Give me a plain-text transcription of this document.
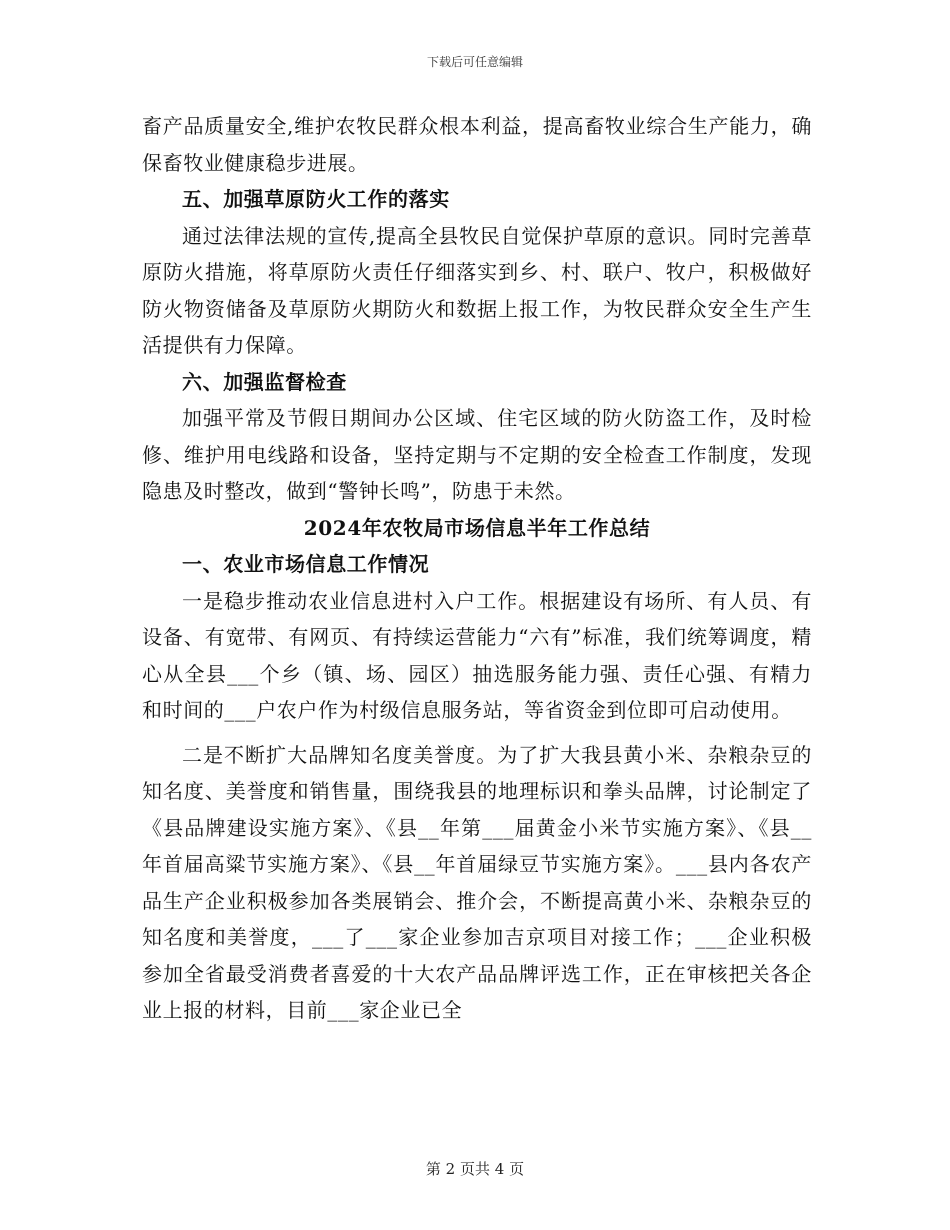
下载后可任意编辑

畜产品质量安全,维护农牧民群众根本利益，提高畜牧业综合生产能力，确保畜牧业健康稳步进展。

五、加强草原防火工作的落实

通过法律法规的宣传,提高全县牧民自觉保护草原的意识。同时完善草原防火措施，将草原防火责任仔细落实到乡、村、联户、牧户，积极做好防火物资储备及草原防火期防火和数据上报工作，为牧民群众安全生产生活提供有力保障。

六、加强监督检查

加强平常及节假日期间办公区域、住宅区域的防火防盗工作，及时检修、维护用电线路和设备，坚持定期与不定期的安全检查工作制度，发现隐患及时整改，做到“警钟长鸣”，防患于未然。

2024年农牧局市场信息半年工作总结

一、农业市场信息工作情况

一是稳步推动农业信息进村入户工作。根据建设有场所、有人员、有设备、有宽带、有网页、有持续运营能力“六有”标准，我们统筹调度，精心从全县___个乡（镇、场、园区）抽选服务能力强、责任心强、有精力和时间的___户农户作为村级信息服务站，等省资金到位即可启动使用。

二是不断扩大品牌知名度美誉度。为了扩大我县黄小米、杂粮杂豆的知名度、美誉度和销售量，围绕我县的地理标识和拳头品牌，讨论制定了《县品牌建设实施方案》、《县__年第___届黄金小米节实施方案》、《县__年首届高粱节实施方案》、《县__年首届绿豆节实施方案》。___县内各农产品生产企业积极参加各类展销会、推介会，不断提高黄小米、杂粮杂豆的知名度和美誉度，___了___家企业参加吉京项目对接工作；___企业积极参加全省最受消费者喜爱的十大农产品品牌评选工作，正在审核把关各企业上报的材料，目前___家企业已全

第 2 页共 4 页
